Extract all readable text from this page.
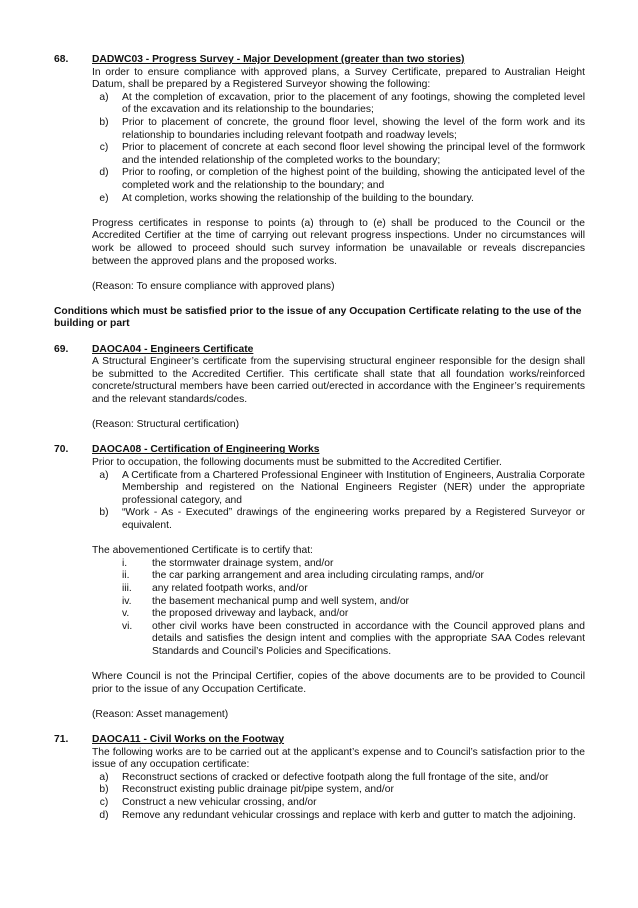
68. DADWC03 - Progress Survey - Major Development (greater than two stories)
In order to ensure compliance with approved plans, a Survey Certificate, prepared to Australian Height Datum, shall be prepared by a Registered Surveyor showing the following:
a)	At the completion of excavation, prior to the placement of any footings, showing the completed level of the excavation and its relationship to the boundaries;
b)	Prior to placement of concrete, the ground floor level, showing the level of the form work and its relationship to boundaries including relevant footpath and roadway levels;
c)	Prior to placement of concrete at each second floor level showing the principal level of the formwork and the intended relationship of the completed works to the boundary;
d)	Prior to roofing, or completion of the highest point of the building, showing the anticipated level of the completed work and the relationship to the boundary; and
e)	At completion, works showing the relationship of the building to the boundary.
Progress certificates in response to points (a) through to (e) shall be produced to the Council or the Accredited Certifier at the time of carrying out relevant progress inspections. Under no circumstances will work be allowed to proceed should such survey information be unavailable or reveals discrepancies between the approved plans and the proposed works.
(Reason: To ensure compliance with approved plans)
Conditions which must be satisfied prior to the issue of any Occupation Certificate relating to the use of the building or part
69. DAOCA04 - Engineers Certificate
A Structural Engineer’s certificate from the supervising structural engineer responsible for the design shall be submitted to the Accredited Certifier. This certificate shall state that all foundation works/reinforced concrete/structural members have been carried out/erected in accordance with the Engineer’s requirements and the relevant standards/codes.
(Reason: Structural certification)
70. DAOCA08 - Certification of Engineering Works
Prior to occupation, the following documents must be submitted to the Accredited Certifier.
a)	A Certificate from a Chartered Professional Engineer with Institution of Engineers, Australia Corporate Membership and registered on the National Engineers Register (NER) under the appropriate professional category, and
b)	“Work - As - Executed” drawings of the engineering works prepared by a Registered Surveyor or equivalent.
The abovementioned Certificate is to certify that:
i.	the stormwater drainage system, and/or
ii.	the car parking arrangement and area including circulating ramps, and/or
iii.	any related footpath works, and/or
iv.	the basement mechanical pump and well system, and/or
v.	the proposed driveway and layback, and/or
vi.	other civil works have been constructed in accordance with the Council approved plans and details and satisfies the design intent and complies with the appropriate SAA Codes relevant Standards and Council’s Policies and Specifications.
Where Council is not the Principal Certifier, copies of the above documents are to be provided to Council prior to the issue of any Occupation Certificate.
(Reason: Asset management)
71. DAOCA11 - Civil Works on the Footway
The following works are to be carried out at the applicant’s expense and to Council’s satisfaction prior to the issue of any occupation certificate:
a)	Reconstruct sections of cracked or defective footpath along the full frontage of the site, and/or
b)	Reconstruct existing public drainage pit/pipe system, and/or
c)	Construct a new vehicular crossing, and/or
d)	Remove any redundant vehicular crossings and replace with kerb and gutter to match the adjoining.
